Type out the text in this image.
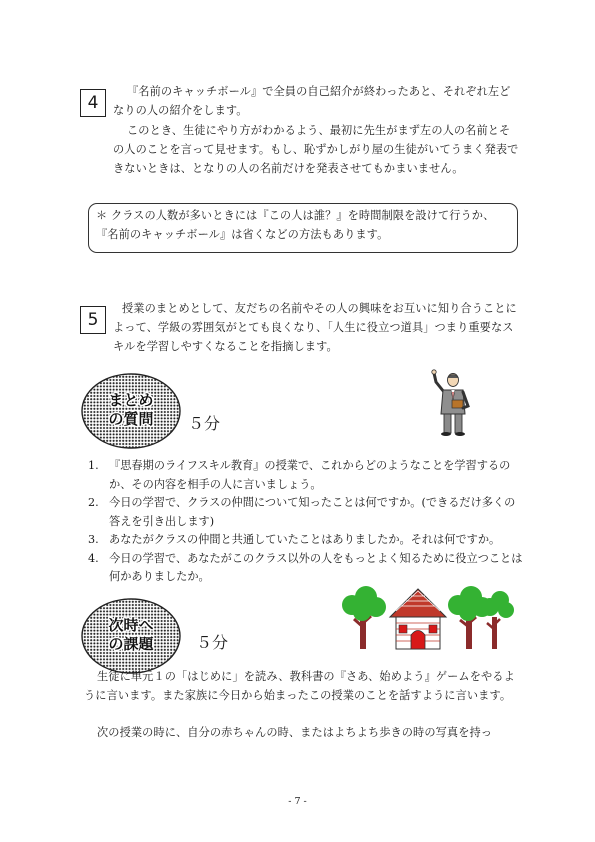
4

『名前のキャッチボール』で全員の自己紹介が終わったあと、それぞれ左どなりの人の紹介をします。

このとき、生徒にやり方がわかるよう、最初に先生がまず左の人の名前とその人のことを言って見せます。もし、恥ずかしがり屋の生徒がいてうまく発表できないときは、となりの人の名前だけを発表させてもかまいません。

＊ クラスの人数が多いときには『この人は誰？』を時間制限を設けて行うか、『名前のキャッチボール』は省くなどの方法もあります。

5

授業のまとめとして、友だちの名前やその人の興味をお互いに知り合うことによって、学級の雰囲気がとても良くなり、「人生に役立つ道具」つまり重要なスキルを学習しやすくなることを指摘します。

まとめ
の質問	５分
1. 『思春期のライフスキル教育』の授業で、これからどのようなことを学習するのか、その内容を相手の人に言いましょう。
2. 今日の学習で、クラスの仲間について知ったことは何ですか。(できるだけ多くの答えを引き出します)
3. あなたがクラスの仲間と共通していたことはありましたか。それは何ですか。
4. 今日の学習で、あなたがこのクラス以外の人をもっとよく知るために役立つことは何かありましたか。
次時へ
の課題	５分

生徒に単元１の「はじめに」を読み、教科書の『さあ、始めよう』ゲームをやるように言います。また家族に今日から始まったこの授業のことを話すように言います。

次の授業の時に、自分の赤ちゃんの時、またはよちよち歩きの時の写真を持っ

- 7 -
